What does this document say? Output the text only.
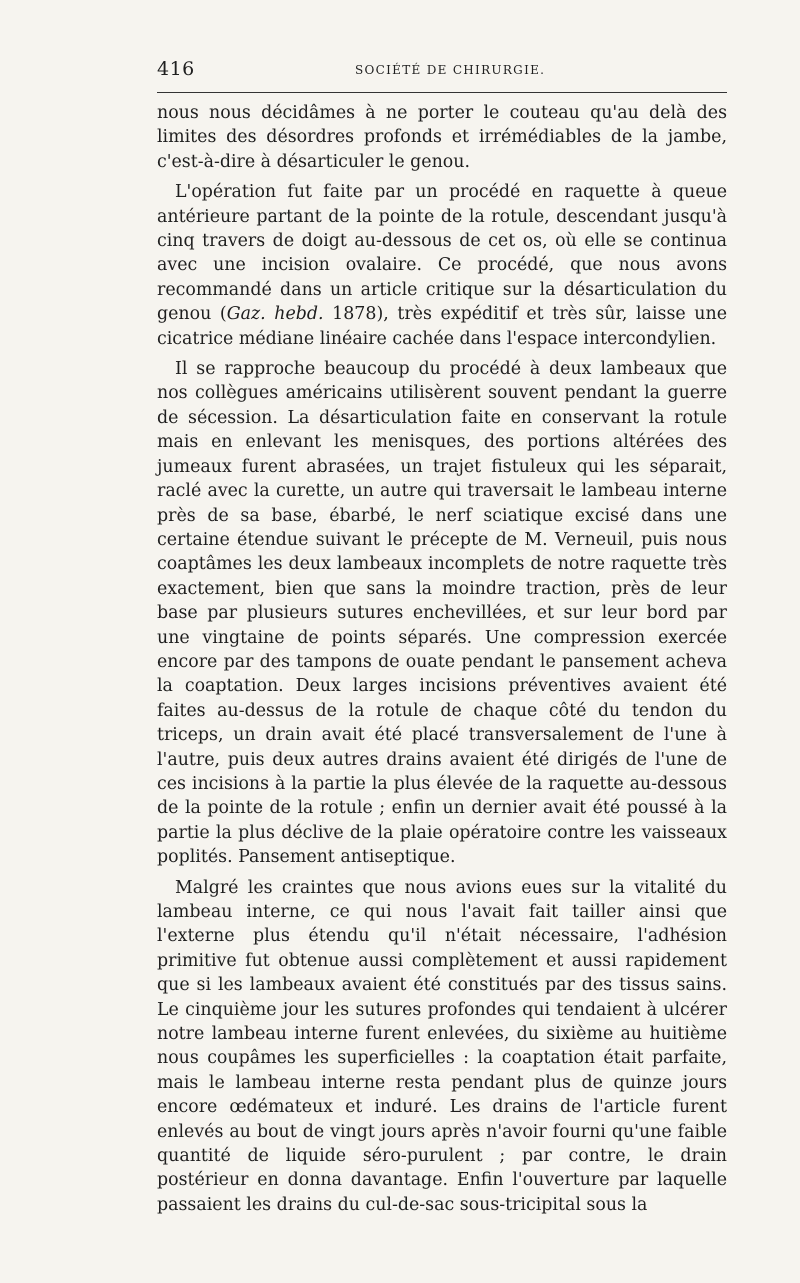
416	SOCIÉTÉ DE CHIRURGIE.

nous nous décidâmes à ne porter le couteau qu'au delà des limites des désordres profonds et irrémédiables de la jambe, c'est-à-dire à désarticuler le genou.

L'opération fut faite par un procédé en raquette à queue antérieure partant de la pointe de la rotule, descendant jusqu'à cinq travers de doigt au-dessous de cet os, où elle se continua avec une incision ovalaire. Ce procédé, que nous avons recommandé dans un article critique sur la désarticulation du genou (Gaz. hebd. 1878), très expéditif et très sûr, laisse une cicatrice médiane linéaire cachée dans l'espace intercondylien.

Il se rapproche beaucoup du procédé à deux lambeaux que nos collègues américains utilisèrent souvent pendant la guerre de sécession. La désarticulation faite en conservant la rotule mais en enlevant les menisques, des portions altérées des jumeaux furent abrasées, un trajet fistuleux qui les séparait, raclé avec la curette, un autre qui traversait le lambeau interne près de sa base, ébarbé, le nerf sciatique excisé dans une certaine étendue suivant le précepte de M. Verneuil, puis nous coaptâmes les deux lambeaux incomplets de notre raquette très exactement, bien que sans la moindre traction, près de leur base par plusieurs sutures enchevillées, et sur leur bord par une vingtaine de points séparés. Une compression exercée encore par des tampons de ouate pendant le pansement acheva la coaptation. Deux larges incisions préventives avaient été faites au-dessus de la rotule de chaque côté du tendon du triceps, un drain avait été placé transversalement de l'une à l'autre, puis deux autres drains avaient été dirigés de l'une de ces incisions à la partie la plus élevée de la raquette au-dessous de la pointe de la rotule ; enfin un dernier avait été poussé à la partie la plus déclive de la plaie opératoire contre les vaisseaux poplités. Pansement antiseptique.

Malgré les craintes que nous avions eues sur la vitalité du lambeau interne, ce qui nous l'avait fait tailler ainsi que l'externe plus étendu qu'il n'était nécessaire, l'adhésion primitive fut obtenue aussi complètement et aussi rapidement que si les lambeaux avaient été constitués par des tissus sains. Le cinquième jour les sutures profondes qui tendaient à ulcérer notre lambeau interne furent enlevées, du sixième au huitième nous coupâmes les superficielles : la coaptation était parfaite, mais le lambeau interne resta pendant plus de quinze jours encore œdémateux et induré. Les drains de l'article furent enlevés au bout de vingt jours après n'avoir fourni qu'une faible quantité de liquide séro-purulent ; par contre, le drain postérieur en donna davantage. Enfin l'ouverture par laquelle passaient les drains du cul-de-sac sous-tricipital sous la
